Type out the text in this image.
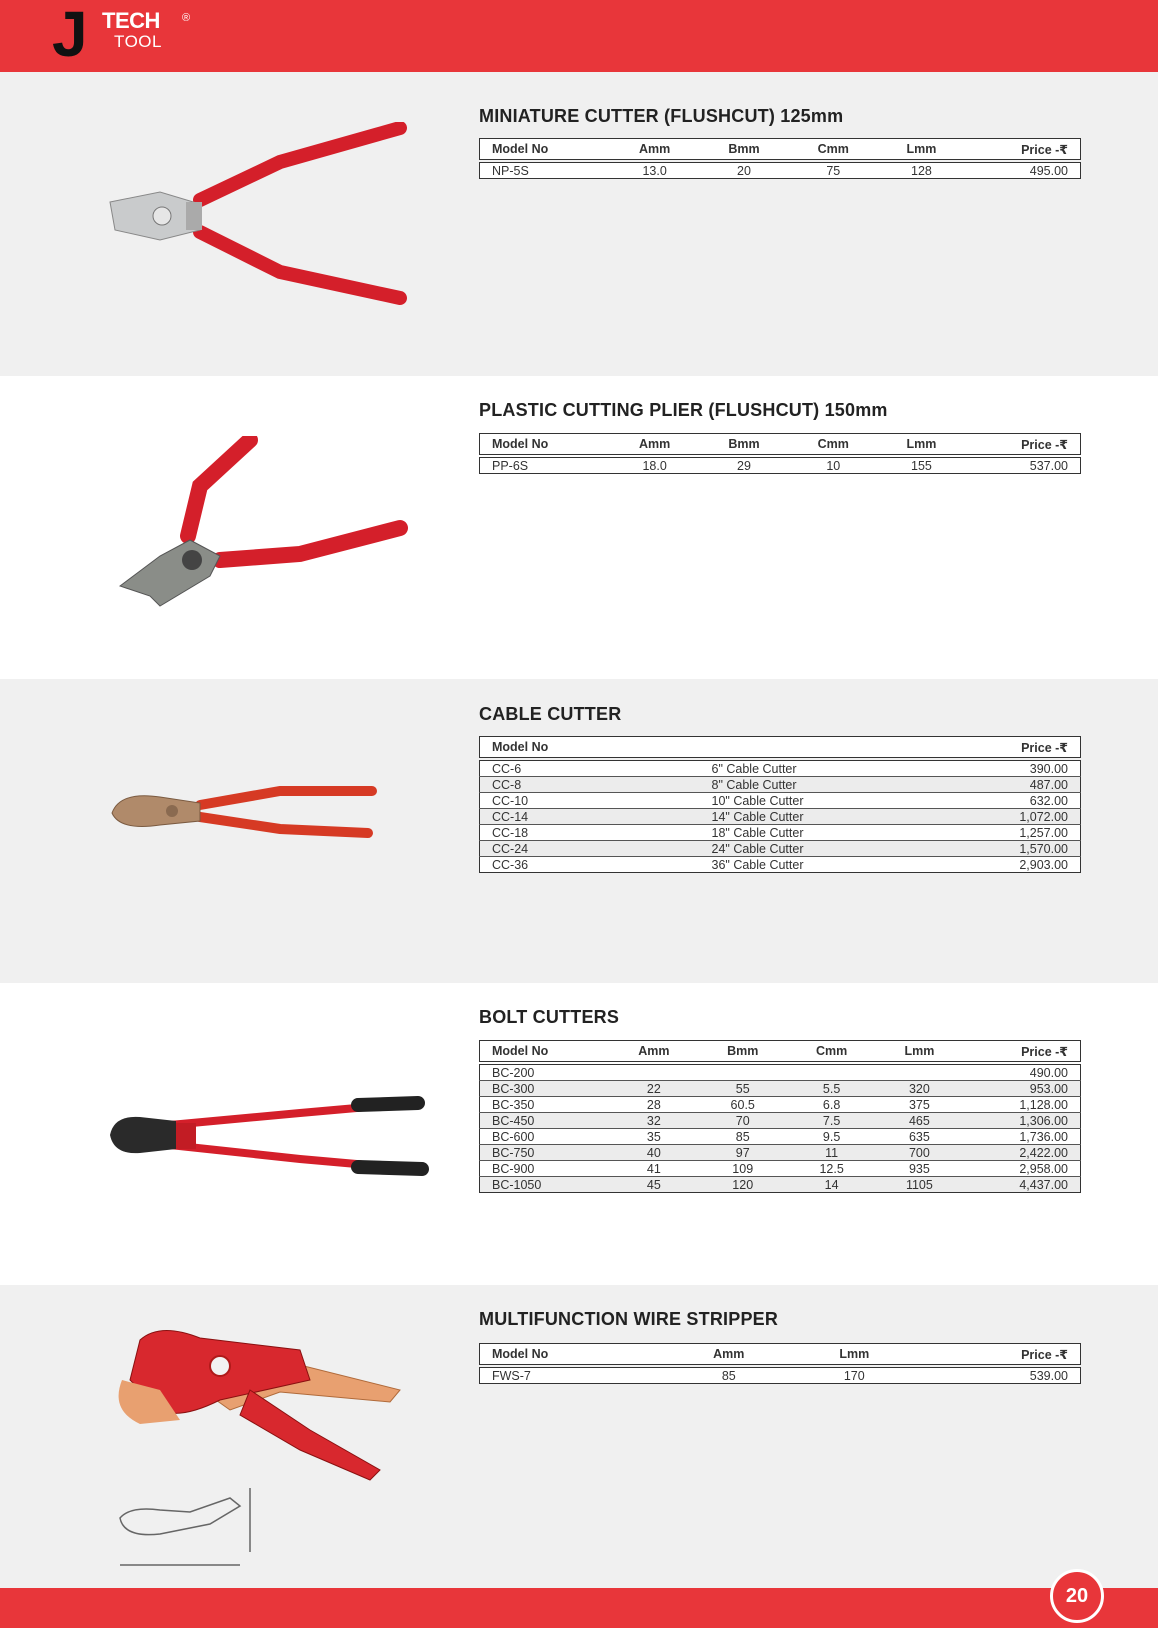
J TECH ®
TOOL
MINIATURE CUTTER (FLUSHCUT) 125mm
Model No	Amm	Bmm	Cmm	Lmm	Price -₹

NP-5S	13.0	20	75	128	495.00
PLASTIC CUTTING PLIER (FLUSHCUT) 150mm
Model No	Amm	Bmm	Cmm	Lmm	Price -₹

PP-6S	18.0	29	10	155	537.00
CABLE CUTTER
Model No		Price -₹

CC-6	6" Cable Cutter	390.00
CC-8	8" Cable Cutter	487.00
CC-10	10" Cable Cutter	632.00
CC-14	14" Cable Cutter	1,072.00
CC-18	18" Cable Cutter	1,257.00
CC-24	24" Cable Cutter	1,570.00
CC-36	36" Cable Cutter	2,903.00
BOLT CUTTERS
Model No	Amm	Bmm	Cmm	Lmm	Price -₹

BC-200					490.00
BC-300	22	55	5.5	320	953.00
BC-350	28	60.5	6.8	375	1,128.00
BC-450	32	70	7.5	465	1,306.00
BC-600	35	85	9.5	635	1,736.00
BC-750	40	97	11	700	2,422.00
BC-900	41	109	12.5	935	2,958.00
BC-1050	45	120	14	1105	4,437.00
MULTIFUNCTION WIRE STRIPPER
Model No	Amm	Lmm	Price -₹

FWS-7	85	170	539.00
20
